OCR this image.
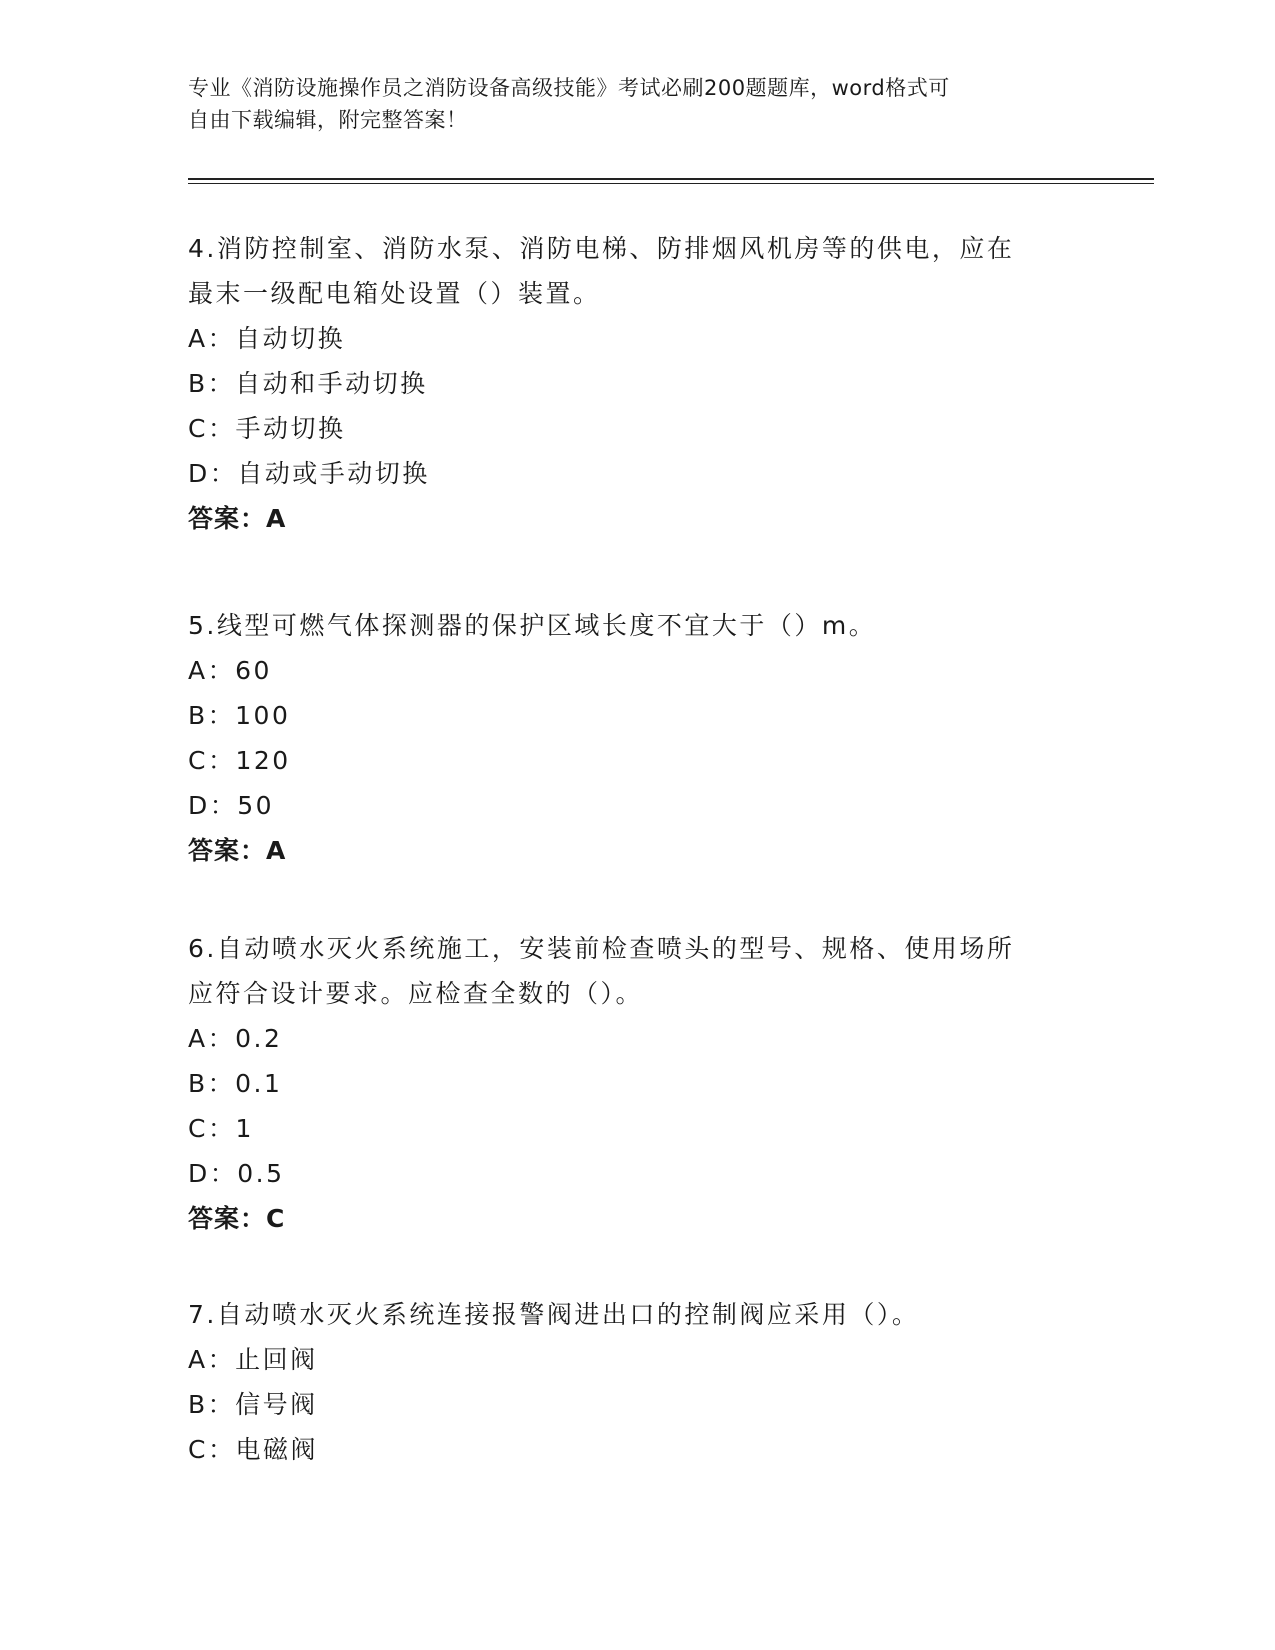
专业《消防设施操作员之消防设备高级技能》考试必刷200题题库，word格式可
自由下载编辑，附完整答案！
4.消防控制室、消防水泵、消防电梯、防排烟风机房等的供电，应在
最末一级配电箱处设置（）装置。
A：自动切换
B：自动和手动切换
C：手动切换
D：自动或手动切换
答案：A
5.线型可燃气体探测器的保护区域长度不宜大于（）m。
A：60
B：100
C：120
D：50
答案：A
6.自动喷水灭火系统施工，安装前检查喷头的型号、规格、使用场所
应符合设计要求。应检查全数的（）。
A：0.2
B：0.1
C：1
D：0.5
答案：C
7.自动喷水灭火系统连接报警阀进出口的控制阀应采用（）。
A：止回阀
B：信号阀
C：电磁阀
